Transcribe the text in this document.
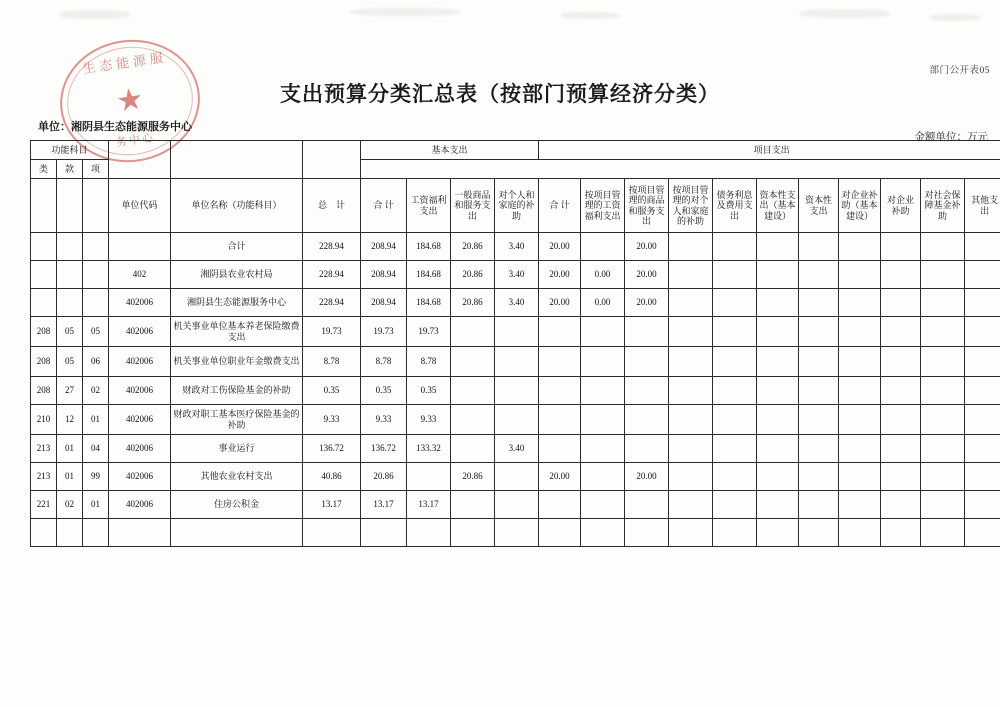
生态能源服
★
务中心
部门公开表05
支出预算分类汇总表（按部门预算经济分类）
单位：湘阴县生态能源服务中心
金额单位：万元
功能科目						基本支出				项目支出										
类	款	项																		
			单位代码	单位名称（功能科目）	总　计	合 计	工资福利支出	一般商品和服务支出	对个人和家庭的补助	合 计	按项目管理的工资福利支出	按项目管理的商品和服务支出	按项目管理的对个人和家庭的补助	债务利息及费用支出	资本性支出（基本建设）	资本性支出	对企业补助（基本建设）	对企业补助	对社会保障基金补助	其他支出
				合计	228.94	208.94	184.68	20.86	3.40	20.00		20.00								
			402	湘阴县农业农村局	228.94	208.94	184.68	20.86	3.40	20.00	0.00	20.00								
			402006	湘阴县生态能源服务中心	228.94	208.94	184.68	20.86	3.40	20.00	0.00	20.00								
208	05	05	402006	机关事业单位基本养老保险缴费支出	19.73	19.73	19.73													
208	05	06	402006	机关事业单位职业年金缴费支出	8.78	8.78	8.78													
208	27	02	402006	财政对工伤保险基金的补助	0.35	0.35	0.35													
210	12	01	402006	财政对职工基本医疗保险基金的补助	9.33	9.33	9.33													
213	01	04	402006	事业运行	136.72	136.72	133.32		3.40											
213	01	99	402006	其他农业农村支出	40.86	20.86		20.86		20.00		20.00								
221	02	01	402006	住房公积金	13.17	13.17	13.17													
